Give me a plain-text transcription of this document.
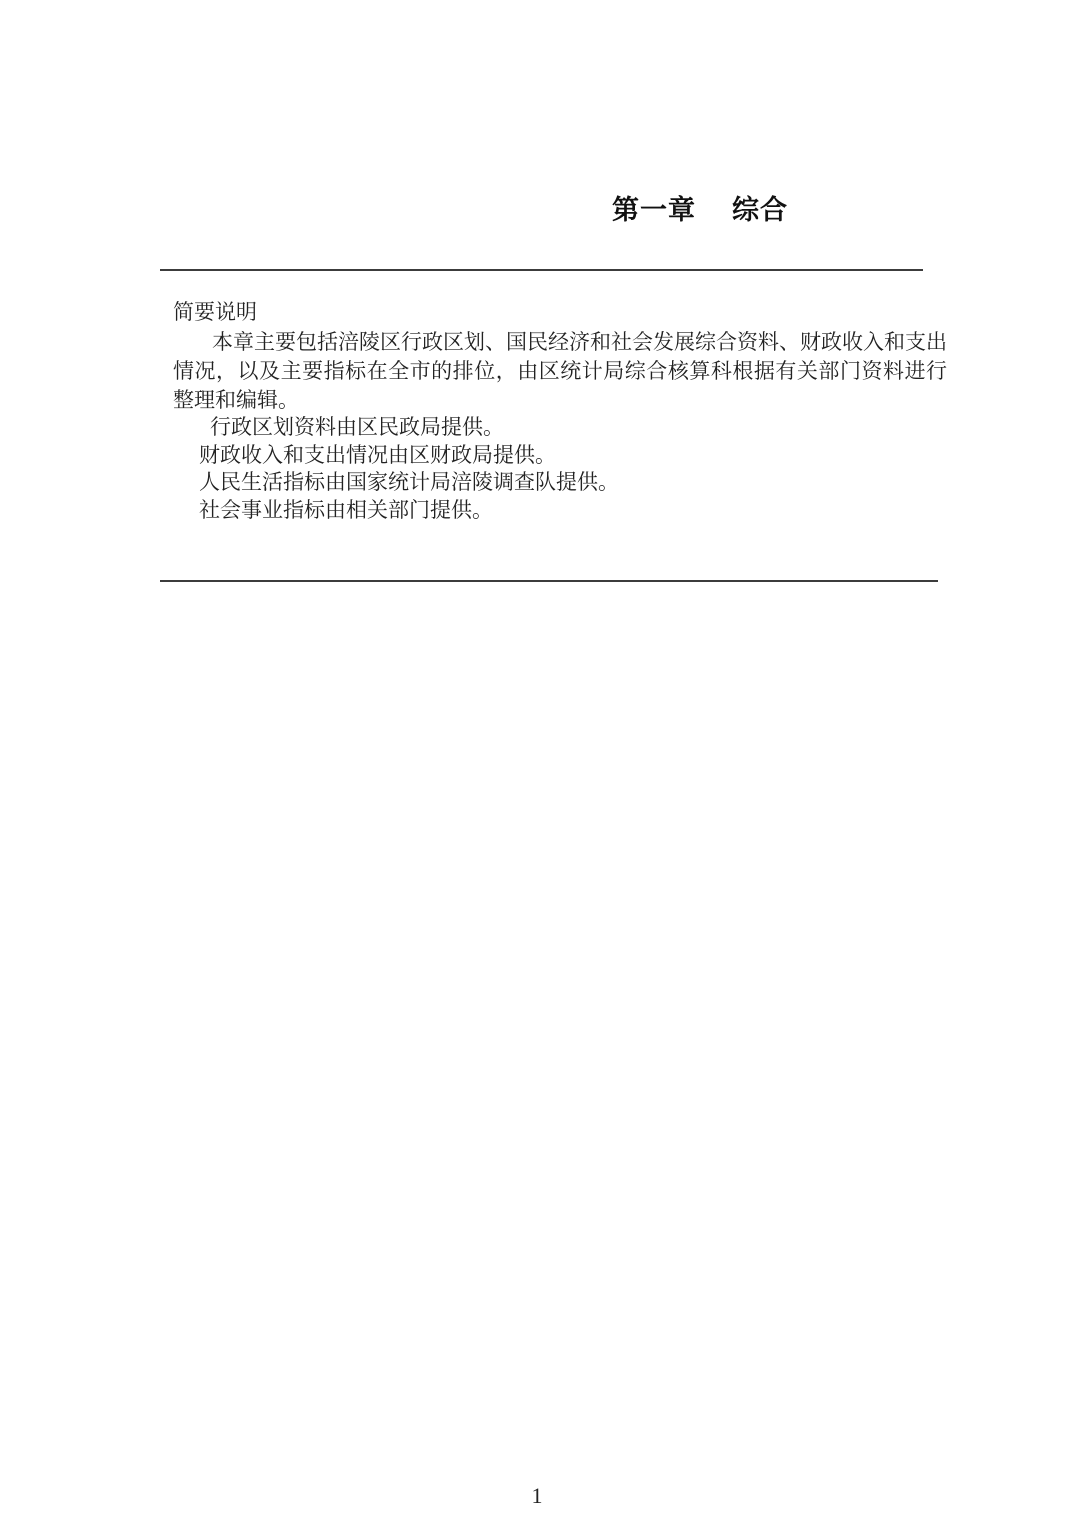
第一章 综合
简要说明

本章主要包括涪陵区行政区划、国民经济和社会发展综合资料、财政收入和支出情况，以及主要指标在全市的排位，由区统计局综合核算科根据有关部门资料进行整理和编辑。

行政区划资料由区民政局提供。
财政收入和支出情况由区财政局提供。
人民生活指标由国家统计局涪陵调查队提供。
社会事业指标由相关部门提供。
1
